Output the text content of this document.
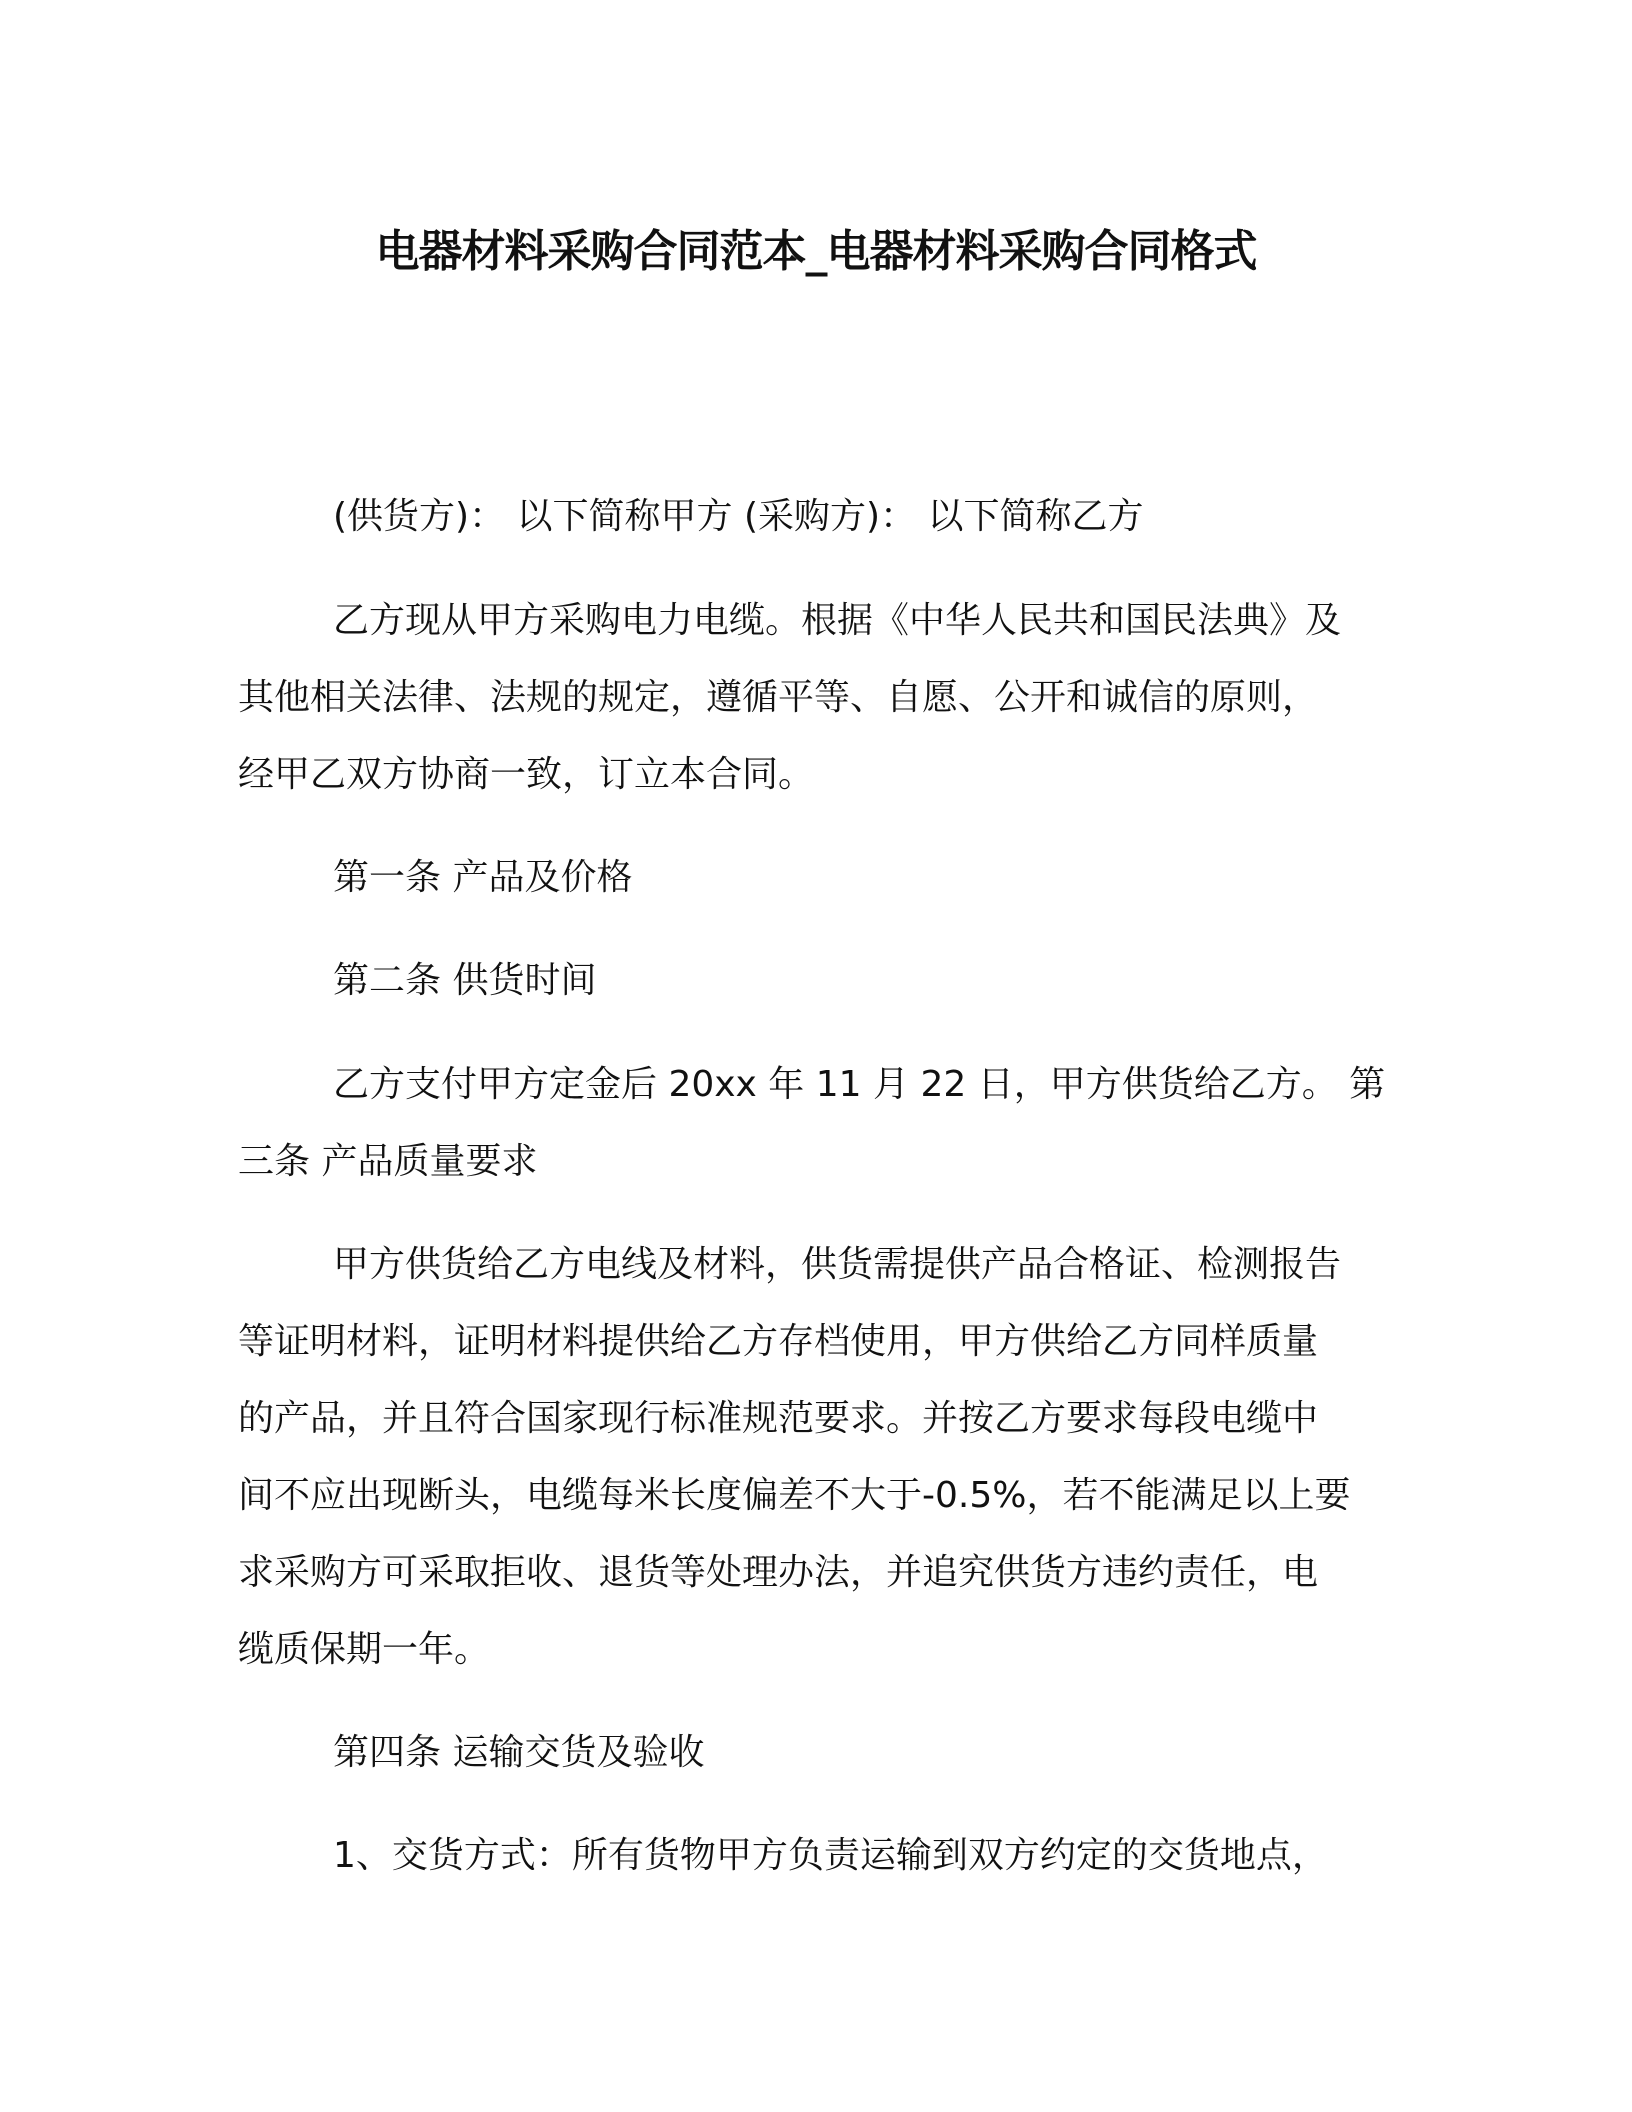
电器材料采购合同范本_电器材料采购合同格式

(供货方)： 以下简称甲方 (采购方)： 以下简称乙方

乙方现从甲方采购电力电缆。根据《中华人民共和国民法典》及

其他相关法律、法规的规定，遵循平等、自愿、公开和诚信的原则，

经甲乙双方协商一致，订立本合同。

第一条 产品及价格

第二条 供货时间

乙方支付甲方定金后 20xx 年 11 月 22 日，甲方供货给乙方。 第

三条 产品质量要求

甲方供货给乙方电线及材料，供货需提供产品合格证、检测报告

等证明材料，证明材料提供给乙方存档使用，甲方供给乙方同样质量

的产品，并且符合国家现行标准规范要求。并按乙方要求每段电缆中

间不应出现断头，电缆每米长度偏差不大于-0.5%，若不能满足以上要

求采购方可采取拒收、退货等处理办法，并追究供货方违约责任，电

缆质保期一年。

第四条 运输交货及验收

1、交货方式：所有货物甲方负责运输到双方约定的交货地点，
